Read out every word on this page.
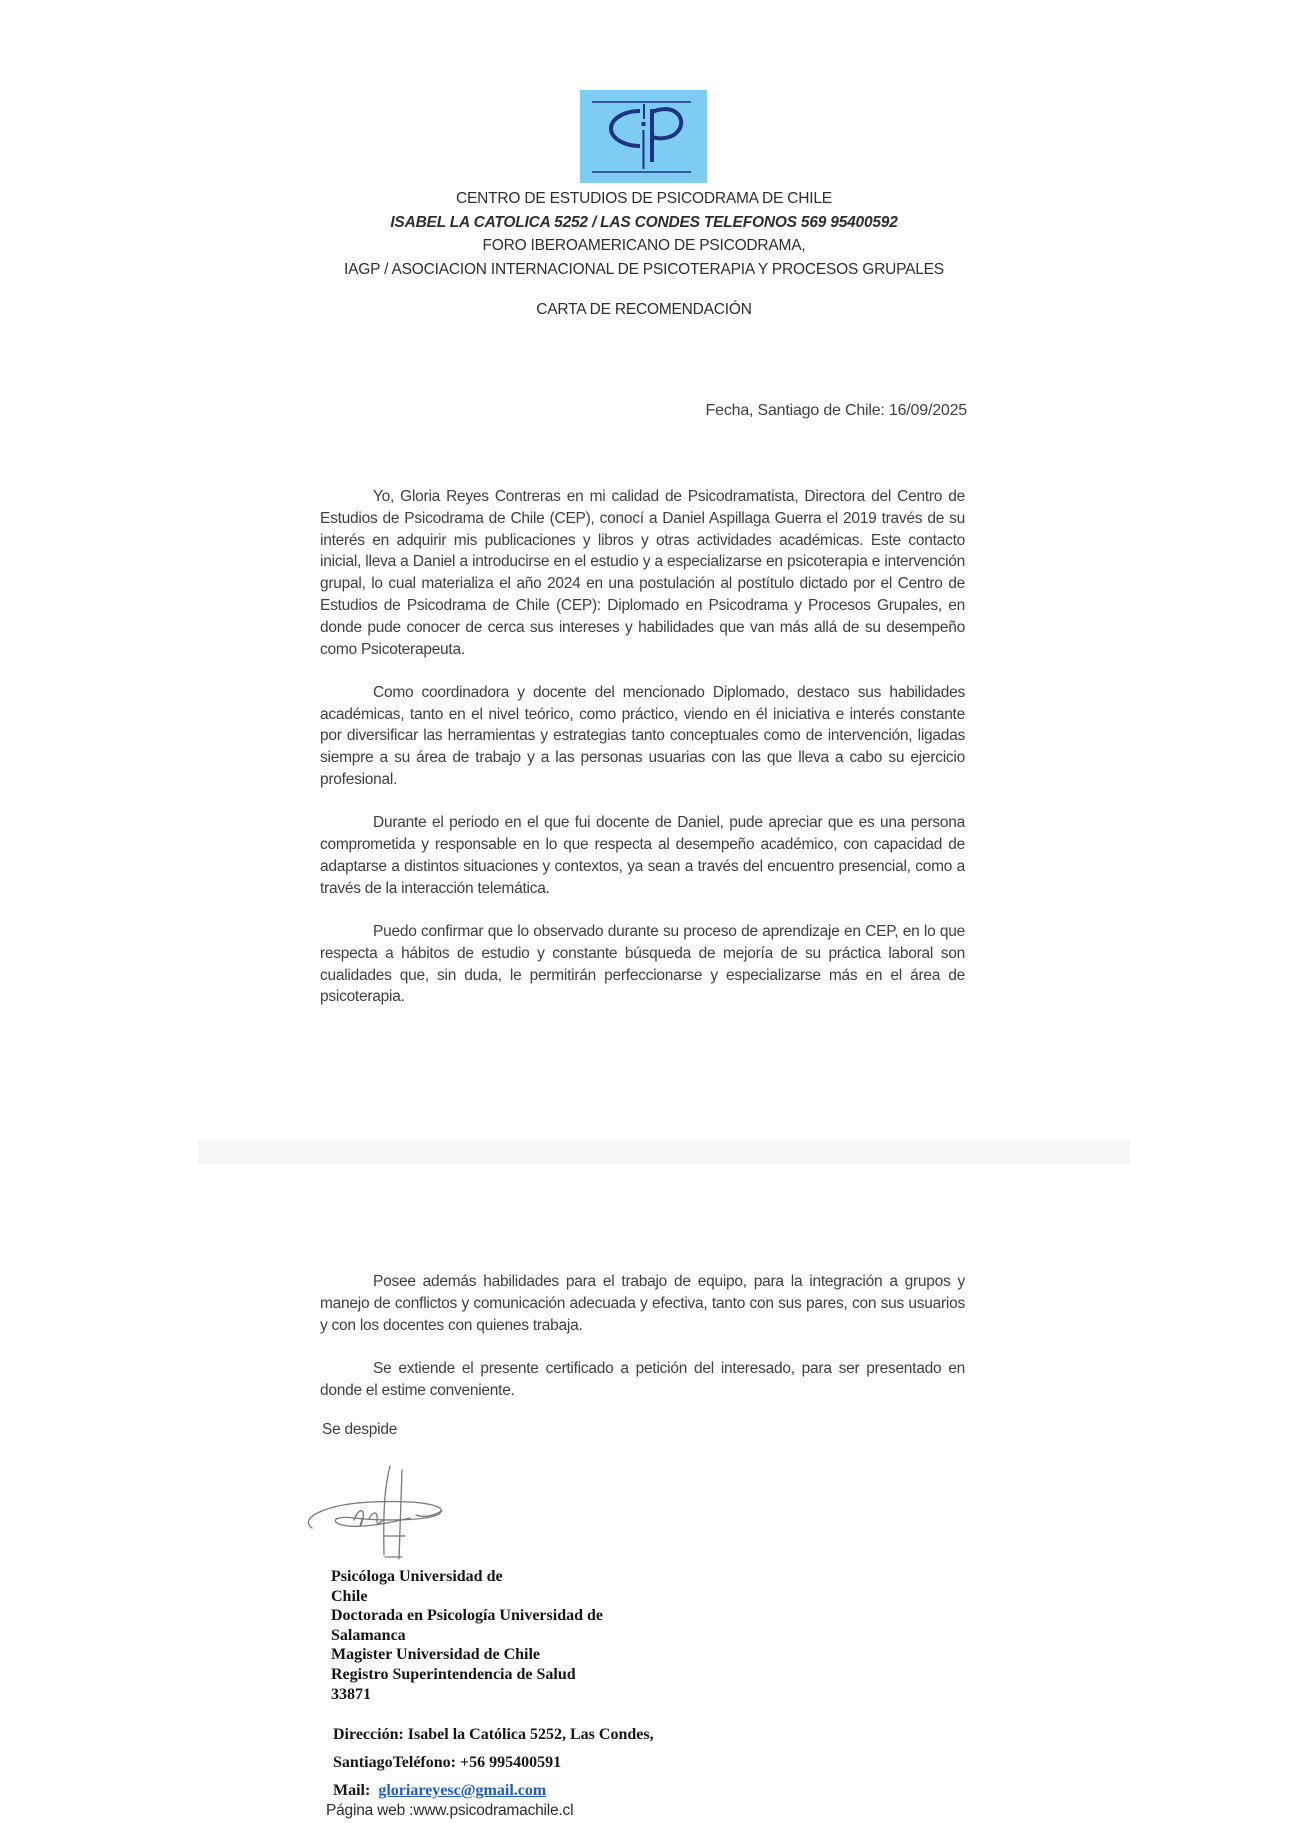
CENTRO DE ESTUDIOS DE PSICODRAMA DE CHILE
ISABEL LA CATOLICA 5252 / LAS CONDES TELEFONOS 569 95400592
FORO IBEROAMERICANO DE PSICODRAMA,
IAGP / ASOCIACION INTERNACIONAL DE PSICOTERAPIA Y PROCESOS GRUPALES
CARTA DE RECOMENDACIÓN
Fecha, Santiago de Chile: 16/09/2025

Yo, Gloria Reyes Contreras en mi calidad de Psicodramatista, Directora del Centro de Estudios de Psicodrama de Chile (CEP), conocí a Daniel Aspillaga Guerra el 2019 través de su interés en adquirir mis publicaciones y libros y otras actividades académicas. Este contacto inicial, lleva a Daniel a introducirse en el estudio y a especializarse en psicoterapia e intervención grupal, lo cual materializa el año 2024 en una postulación al postítulo dictado por el Centro de Estudios de Psicodrama de Chile (CEP): Diplomado en Psicodrama y Procesos Grupales, en donde pude conocer de cerca sus intereses y habilidades que van más allá de su desempeño como Psicoterapeuta.

Como coordinadora y docente del mencionado Diplomado, destaco sus habilidades académicas, tanto en el nivel teórico, como práctico, viendo en él iniciativa e interés constante por diversificar las herramientas y estrategias tanto conceptuales como de intervención, ligadas siempre a su área de trabajo y a las personas usuarias con las que lleva a cabo su ejercicio profesional.

Durante el periodo en el que fui docente de Daniel, pude apreciar que es una persona comprometida y responsable en lo que respecta al desempeño académico, con capacidad de adaptarse a distintos situaciones y contextos, ya sean a través del encuentro presencial, como a través de la interacción telemática.

Puedo confirmar que lo observado durante su proceso de aprendizaje en CEP, en lo que respecta a hábitos de estudio y constante búsqueda de mejoría de su práctica laboral son cualidades que, sin duda, le permitirán perfeccionarse y especializarse más en el área de psicoterapia.

Posee además habilidades para el trabajo de equipo, para la integración a grupos y manejo de conflictos y comunicación adecuada y efectiva, tanto con sus pares, con sus usuarios y con los docentes con quienes trabaja.

Se extiende el presente certificado a petición del interesado, para ser presentado en donde el estime conveniente.

Se despide
Psicóloga Universidad de
Chile
Doctorada en Psicología Universidad de
Salamanca
Magister Universidad de Chile
Registro Superintendencia de Salud
33871
Dirección: Isabel la Católica 5252, Las Condes,
SantiagoTeléfono: +56 995400591
Mail: gloriareyesc@gmail.com
Página web :www.psicodramachile.cl
